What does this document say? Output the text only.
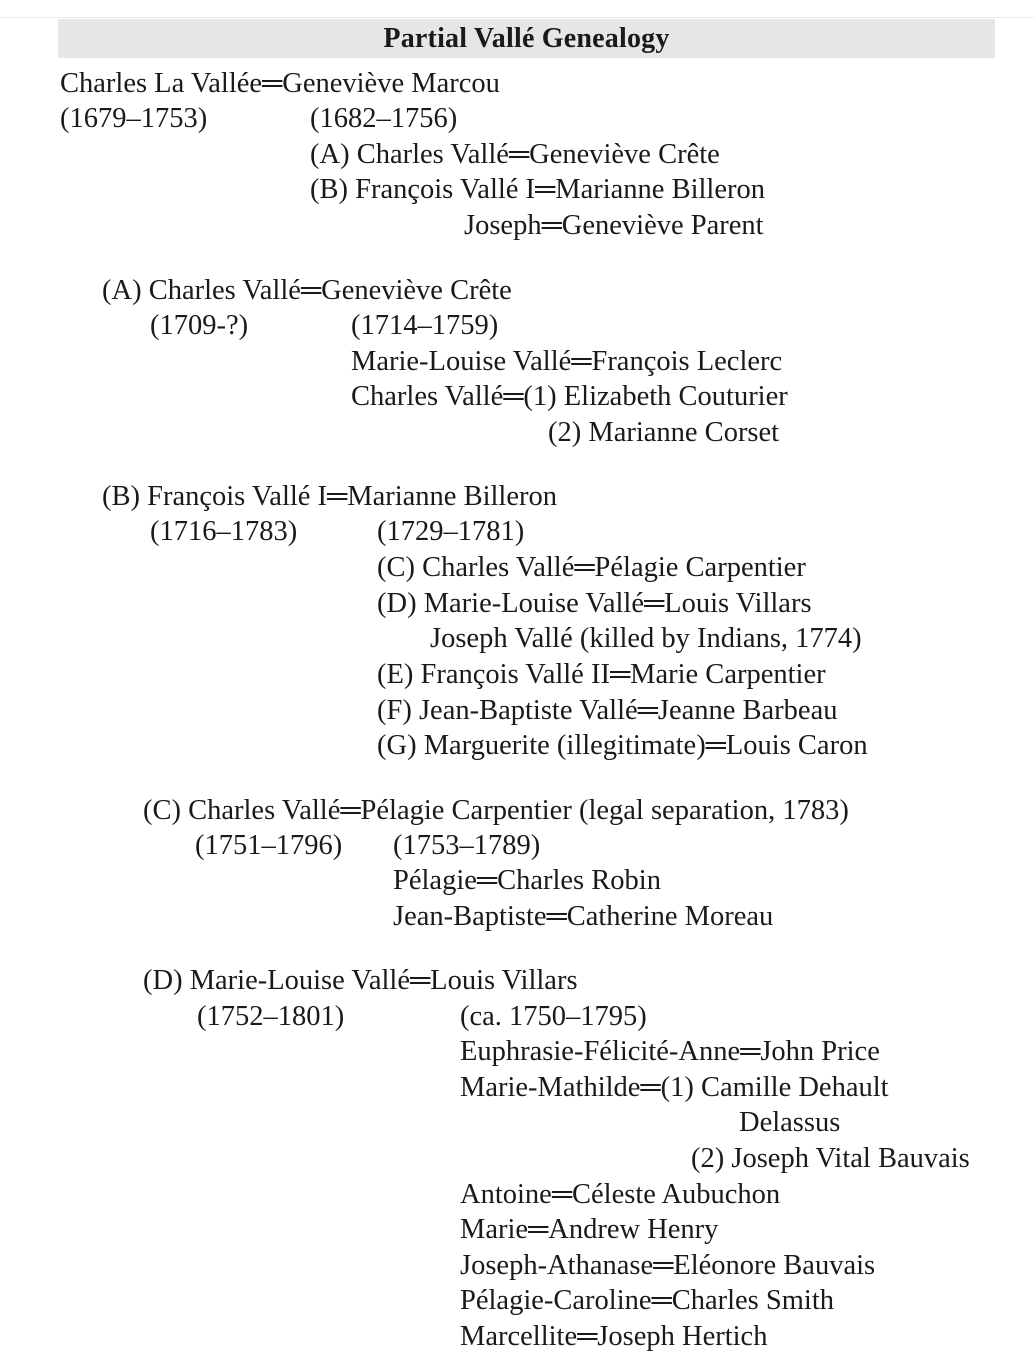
Partial Vallé Genealogy
Charles La Vallée═Geneviève Marcou
(1679–1753)	(1682–1756)
(A) Charles Vallé═Geneviève Crête
(B) François Vallé I═Marianne Billeron
Joseph═Geneviève Parent
(A) Charles Vallé═Geneviève Crête
(1709-?)	(1714–1759)
Marie-Louise Vallé═François Leclerc
Charles Vallé═(1) Elizabeth Couturier
(2) Marianne Corset
(B) François Vallé I═Marianne Billeron
(1716–1783)	(1729–1781)
(C) Charles Vallé═Pélagie Carpentier
(D) Marie-Louise Vallé═Louis Villars
Joseph Vallé (killed by Indians, 1774)
(E) François Vallé II═Marie Carpentier
(F) Jean-Baptiste Vallé═Jeanne Barbeau
(G) Marguerite (illegitimate)═Louis Caron
(C) Charles Vallé═Pélagie Carpentier (legal separation, 1783)
(1751–1796) (1753–1789)
Pélagie═Charles Robin
Jean-Baptiste═Catherine Moreau
(D) Marie-Louise Vallé═Louis Villars
(1752–1801)	(ca. 1750–1795)
Euphrasie-Félicité-Anne═John Price
Marie-Mathilde═(1) Camille Dehault
Delassus
(2) Joseph Vital Bauvais
Antoine═Céleste Aubuchon
Marie═Andrew Henry
Joseph-Athanase═Eléonore Bauvais
Pélagie-Caroline═Charles Smith
Marcellite═Joseph Hertich
